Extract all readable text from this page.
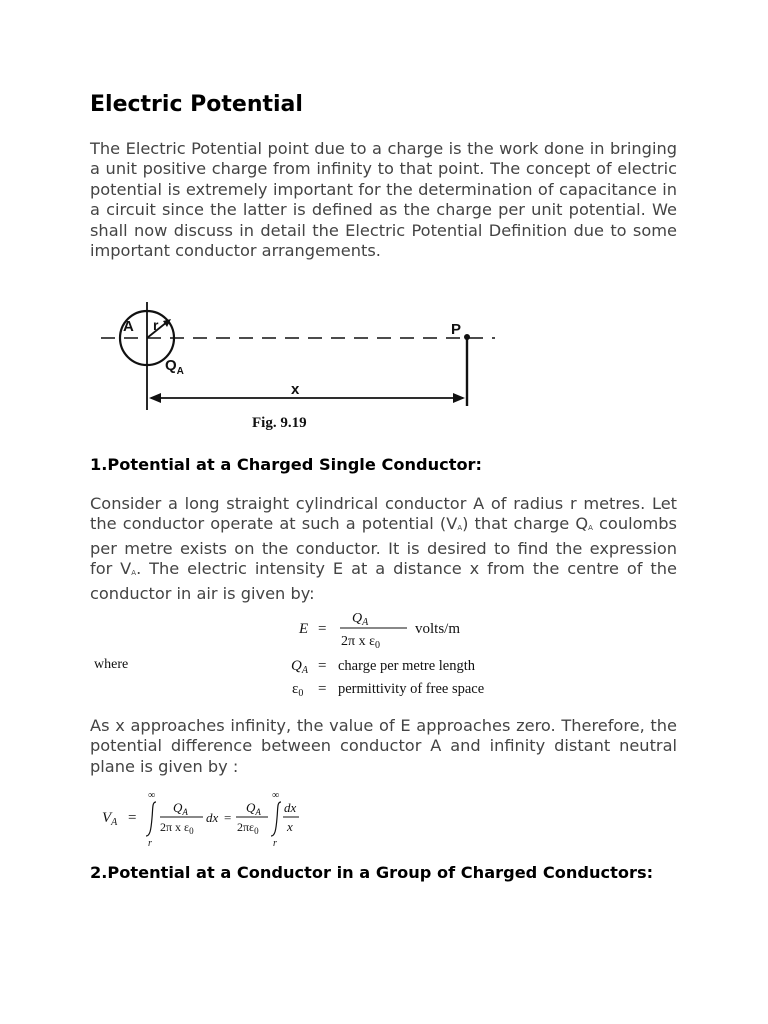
Electric Potential

The Electric Potential point due to a charge is the work done in bringing a unit positive charge from infinity to that point. The concept of electric potential is extremely important for the determination of capacitance in a circuit since the latter is defined as the charge per unit potential. We shall now discuss in detail the Electric Potential Definition due to some important conductor arrangements.

A r	P
$Q_A$
x
Fig. 9.19
1.Potential at a Charged Single Conductor:

Consider a long straight cylindrical conductor A of radius r metres. Let the conductor operate at such a potential $(V_A)$ that charge $Q_A$ coulombs per metre exists on the conductor. It is desired to find the expression for $V_A$. The electric intensity E at a distance x from the centre of the conductor in air is given by:

E =
$Q_A$
2π x $\varepsilon_0$
volts/m
where	$Q_A$ = charge per metre length
$\varepsilon_0$ = permittivity of free space

As x approaches infinity, the value of E approaches zero. Therefore, the potential difference between conductor A and infinity distant neutral plane is given by :

$V_A$ =
∞
r
$Q_A$
2π x $\varepsilon_0$
dx =
$Q_A$
$2\pi\varepsilon_0$
∞
r
dx
x
2.Potential at a Conductor in a Group of Charged Conductors:
